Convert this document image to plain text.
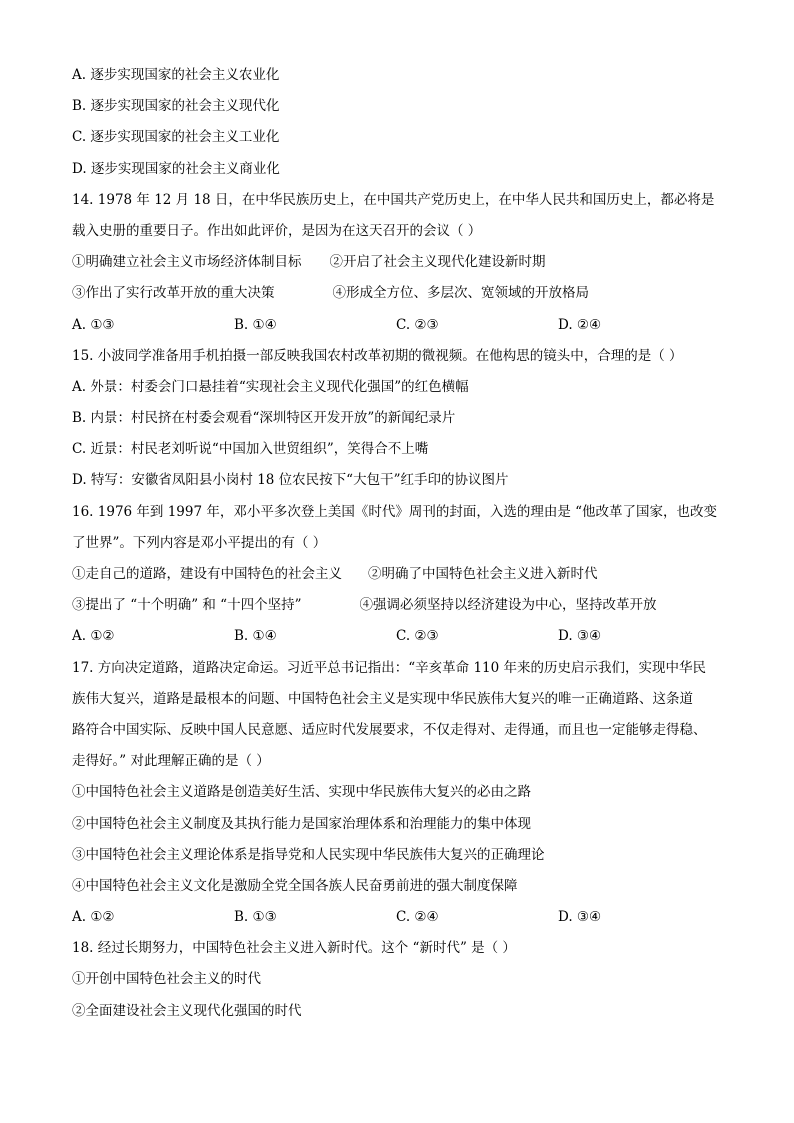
A. 逐步实现国家的社会主义农业化
B. 逐步实现国家的社会主义现代化
C. 逐步实现国家的社会主义工业化
D. 逐步实现国家的社会主义商业化
14. 1978 年 12 月 18 日，在中华民族历史上，在中国共产党历史上，在中华人民共和国历史上，都必将是
载入史册的重要日子。作出如此评价，是因为在这天召开的会议（ ）
①明确建立社会主义市场经济体制目标 ②开启了社会主义现代化建设新时期
③作出了实行改革开放的重大决策	④形成全方位、多层次、宽领域的开放格局
A. ①③	B. ①④	C. ②③	D. ②④
15. 小波同学准备用手机拍摄一部反映我国农村改革初期的微视频。在他构思的镜头中，合理的是（ ）
A. 外景：村委会门口悬挂着“实现社会主义现代化强国”的红色横幅
B. 内景：村民挤在村委会观看“深圳特区开发开放”的新闻纪录片
C. 近景：村民老刘听说“中国加入世贸组织”，笑得合不上嘴
D. 特写：安徽省凤阳县小岗村 18 位农民按下“大包干”红手印的协议图片
16. 1976 年到 1997 年，邓小平多次登上美国《时代》周刊的封面，入选的理由是 “他改革了国家，也改变
了世界”。下列内容是邓小平提出的有（ ）
①走自己的道路，建设有中国特色的社会主义 ②明确了中国特色社会主义进入新时代
③提出了 “十个明确” 和 “十四个坚持”	④强调必须坚持以经济建设为中心，坚持改革开放
A. ①②	B. ①④	C. ②③	D. ③④
17. 方向决定道路，道路决定命运。习近平总书记指出：“辛亥革命 110 年来的历史启示我们，实现中华民
族伟大复兴，道路是最根本的问题、中国特色社会主义是实现中华民族伟大复兴的唯一正确道路、这条道
路符合中国实际、反映中国人民意愿、适应时代发展要求，不仅走得对、走得通，而且也一定能够走得稳、
走得好。” 对此理解正确的是（ ）
①中国特色社会主义道路是创造美好生活、实现中华民族伟大复兴的必由之路
②中国特色社会主义制度及其执行能力是国家治理体系和治理能力的集中体现
③中国特色社会主义理论体系是指导党和人民实现中华民族伟大复兴的正确理论
④中国特色社会主义文化是激励全党全国各族人民奋勇前进的强大制度保障
A. ①②	B. ①③	C. ②④	D. ③④
18. 经过长期努力，中国特色社会主义进入新时代。这个 “新时代” 是（ ）
①开创中国特色社会主义的时代
②全面建设社会主义现代化强国的时代
